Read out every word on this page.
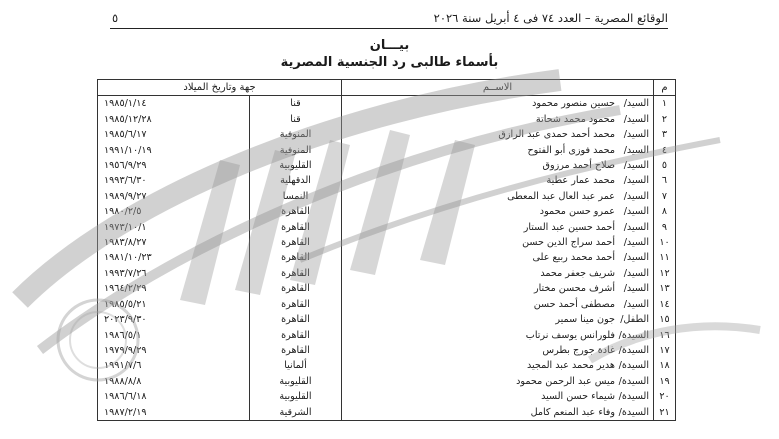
الوقائع المصرية – العدد ٧٤ فى ٤ أبريل سنة ٢٠٢٦
٥
بيـــان
بأسماء طالبى رد الجنسية المصرية
م	الاســم	جهة وتاريخ الميلاد	
١	السيد/حسين منصور محمود	قنا	١٩٨٥/١/١٤
٢	السيد/محمود محمد شحاتة	قنا	١٩٨٥/١٢/٢٨
٣	السيد/محمد أحمد حمدى عبد الرازق	المنوفية	١٩٨٥/٦/١٧
٤	السيد/محمد فوزى أبو الفتوح	المنوفية	١٩٩١/١٠/١٩
٥	السيد/صلاح أحمد مرزوق	القليوبية	١٩٥٦/٩/٢٩
٦	السيد/محمد عمار عطية	الدقهلية	١٩٩٣/٦/٣٠
٧	السيد/عمر عبد العال عبد المعطى	النمسا	١٩٨٩/٩/٢٧
٨	السيد/عمرو حسن محمود	القاهرة	١٩٨٠/٢/٥
٩	السيد/أحمد حسين عبد الستار	القاهرة	١٩٧٣/١٠/١
١٠	السيد/أحمد سراج الدين حسن	القاهرة	١٩٨٣/٨/٢٧
١١	السيد/أحمد محمد ربيع على	القاهرة	١٩٨١/١٠/٢٣
١٢	السيد/شريف جعفر محمد	القاهرة	١٩٩٣/٧/٢٦
١٣	السيد/أشرف محسن مختار	القاهرة	١٩٦٤/٢/٢٩
١٤	السيد/مصطفى أحمد حسن	القاهرة	١٩٨٥/٥/٢١
١٥	الطفل/جون مينا سمير	القاهرة	٢٠٢٣/٩/٣٠
١٦	السيدة/فلورانس يوسف نرتاب	القاهرة	١٩٨٦/٥/١
١٧	السيدة/غادة جورج بطرس	القاهرة	١٩٧٩/٩/٢٩
١٨	السيدة/هدير محمد عبد المجيد	ألمانيا	١٩٩١/٧/٦
١٩	السيدة/ميس عبد الرحمن محمود	القليوبية	١٩٨٨/٨/٨
٢٠	السيدة/شيماء حسن السيد	القليوبية	١٩٨٦/٦/١٨
٢١	السيدة/وفاء عبد المنعم كامل	الشرقية	١٩٨٧/٢/١٩
